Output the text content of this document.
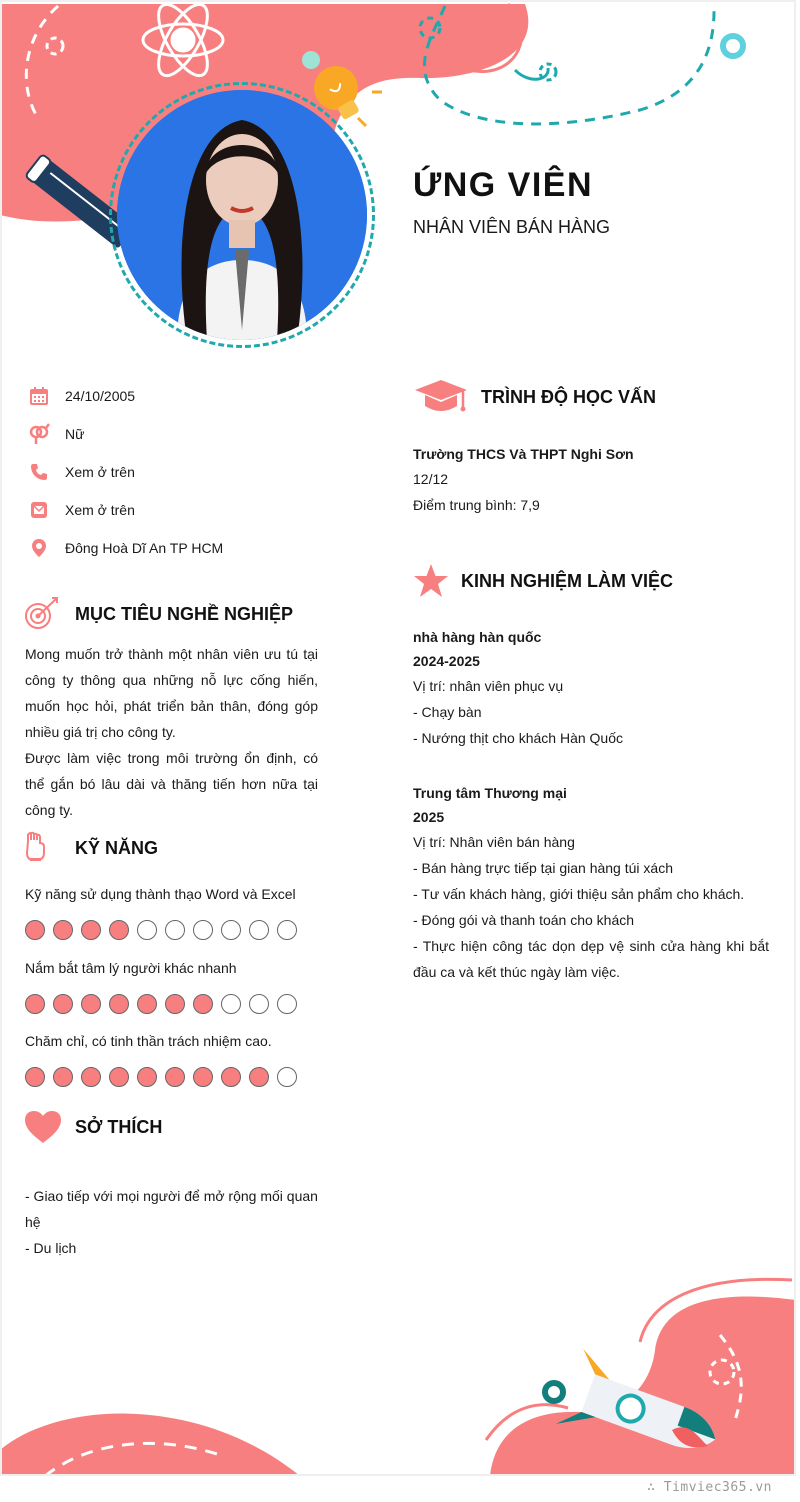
ỨNG VIÊN
NHÂN VIÊN BÁN HÀNG
24/10/2005
Nữ
Xem ở trên
Xem ở trên
Đông Hoà Dĩ An TP HCM
MỤC TIÊU NGHỀ NGHIỆP

Mong muốn trở thành một nhân viên ưu tú tại công ty thông qua những nỗ lực cống hiến, muốn học hỏi, phát triển bản thân, đóng góp nhiều giá trị cho công ty.

Được làm việc trong môi trường ổn định, có thể gắn bó lâu dài và thăng tiến hơn nữa tại công ty.

KỸ NĂNG
Kỹ năng sử dụng thành thạo Word và Excel
Nắm bắt tâm lý người khác nhanh
Chăm chỉ, có tinh thần trách nhiệm cao.
SỞ THÍCH

- Giao tiếp với mọi người để mở rộng mối quan hệ

- Du lịch

TRÌNH ĐỘ HỌC VẤN
Trường THCS Và THPT Nghi Sơn
12/12
Điểm trung bình: 7,9
KINH NGHIỆM LÀM VIỆC
nhà hàng hàn quốc
2024-2025
Vị trí: nhân viên phục vụ
- Chạy bàn
- Nướng thịt cho khách Hàn Quốc
Trung tâm Thương mại
2025
Vị trí: Nhân viên bán hàng
- Bán hàng trực tiếp tại gian hàng túi xách
- Tư vấn khách hàng, giới thiệu sản phẩm cho khách.
- Đóng gói và thanh toán cho khách
- Thực hiện công tác dọn dẹp vệ sinh cửa hàng khi bắt đầu ca và kết thúc ngày làm việc.
∴ Timviec365.vn
